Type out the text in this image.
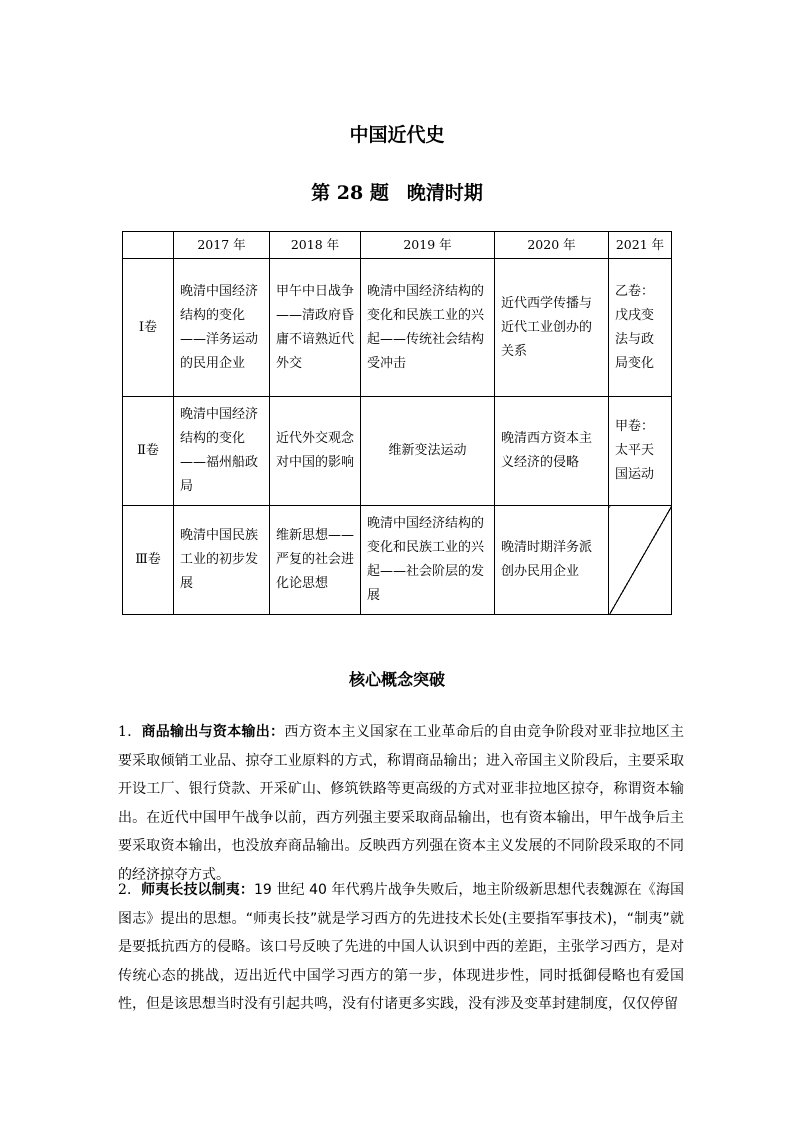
中国近代史
第 28 题 晚清时期
	2017 年	2018 年	2019 年	2020 年	2021 年
Ⅰ卷	晚清中国经济结构的变化——洋务运动的民用企业	甲午中日战争——清政府昏庸不谙熟近代外交	晚清中国经济结构的变化和民族工业的兴起——传统社会结构受冲击	近代西学传播与近代工业创办的关系	乙卷：戊戌变法与政局变化
Ⅱ卷	晚清中国经济结构的变化——福州船政局	近代外交观念对中国的影响	维新变法运动	晚清西方资本主义经济的侵略	甲卷：太平天国运动
Ⅲ卷	晚清中国民族工业的初步发展	维新思想——严复的社会进化论思想	晚清中国经济结构的变化和民族工业的兴起——社会阶层的发展	晚清时期洋务派创办民用企业	
核心概念突破
1．商品输出与资本输出：西方资本主义国家在工业革命后的自由竞争阶段对亚非拉地区主要采取倾销工业品、掠夺工业原料的方式，称谓商品输出；进入帝国主义阶段后，主要采取开设工厂、银行贷款、开采矿山、修筑铁路等更高级的方式对亚非拉地区掠夺，称谓资本输出。在近代中国甲午战争以前，西方列强主要采取商品输出，也有资本输出，甲午战争后主要采取资本输出，也没放弃商品输出。反映西方列强在资本主义发展的不同阶段采取的不同的经济掠夺方式。
2．师夷长技以制夷：19 世纪 40 年代鸦片战争失败后，地主阶级新思想代表魏源在《海国图志》提出的思想。“师夷长技”就是学习西方的先进技术长处(主要指军事技术)，“制夷”就是要抵抗西方的侵略。该口号反映了先进的中国人认识到中西的差距，主张学习西方，是对传统心态的挑战，迈出近代中国学习西方的第一步，体现进步性，同时抵御侵略也有爱国性，但是该思想当时没有引起共鸣，没有付诸更多实践，没有涉及变革封建制度，仅仅停留
